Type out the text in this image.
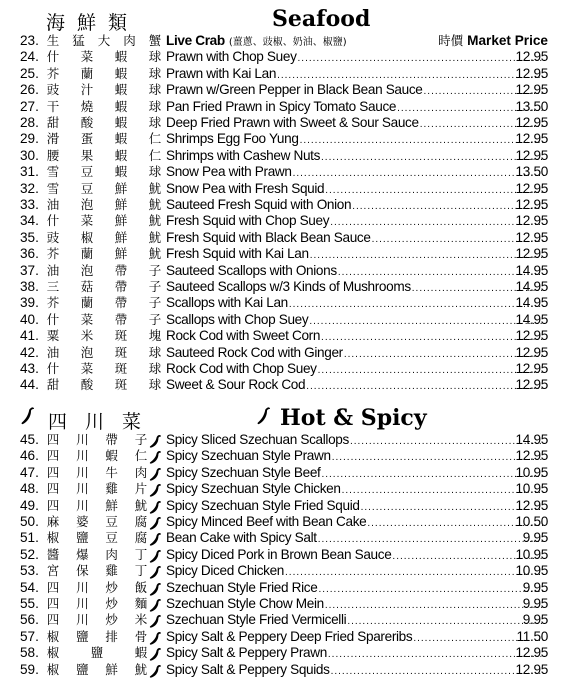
海鮮類	Seafood
23. 生 猛 大 肉 蟹 Live Crab (薑蔥、豉椒、奶油、椒鹽)	時價 Market Price
24. 什 菜 蝦 球 Prawn with Chop Suey .....	12.95
25. 芥 蘭 蝦 球 Prawn with Kai Lan .....	12.95
26. 豉 汁 蝦 球 Prawn w/Green Pepper in Black Bean Sauce .....	12.95
27. 干 燒 蝦 球 Pan Fried Prawn in Spicy Tomato Sauce .....	13.50
28. 甜 酸 蝦 球 Deep Fried Prawn with Sweet & Sour Sauce .....	12.95
29. 滑 蛋 蝦 仁 Shrimps Egg Foo Yung .....	12.95
30. 腰 果 蝦 仁 Shrimps with Cashew Nuts .....	12.95
31. 雪 豆 蝦 球 Snow Pea with Prawn .....	13.50
32. 雪 豆 鮮 魷 Snow Pea with Fresh Squid .....	12.95
33. 油 泡 鮮 魷 Sauteed Fresh Squid with Onion .....	12.95
34. 什 菜 鮮 魷 Fresh Squid with Chop Suey .....	12.95
35. 豉 椒 鮮 魷 Fresh Squid with Black Bean Sauce .....	12.95
36. 芥 蘭 鮮 魷 Fresh Squid with Kai Lan .....	12.95
37. 油 泡 帶 子 Sauteed Scallops with Onions .....	14.95
38. 三 菇 帶 子 Sauteed Scallops w/3 Kinds of Mushrooms .....	14.95
39. 芥 蘭 帶 子 Scallops with Kai Lan .....	14.95
40. 什 菜 帶 子 Scallops with Chop Suey .....	14.95
41. 粟 米 斑 塊 Rock Cod with Sweet Corn .....	12.95
42. 油 泡 斑 球 Sauteed Rock Cod with Ginger .....	12.95
43. 什 菜 斑 球 Rock Cod with Chop Suey .....	12.95
44. 甜 酸 斑 球 Sweet & Sour Rock Cod .....	12.95
四川菜	Hot & Spicy
45. 四 川 帶 子 Spicy Sliced Szechuan Scallops .....	14.95
46. 四 川 蝦 仁 Spicy Szechuan Style Prawn .....	12.95
47. 四 川 牛 肉 Spicy Szechuan Style Beef .....	10.95
48. 四 川 雞 片 Spicy Szechuan Style Chicken .....	10.95
49. 四 川 鮮 魷 Spicy Szechuan Style Fried Squid .....	12.95
50. 麻 婆 豆 腐 Spicy Minced Beef with Bean Cake .....	10.50
51. 椒 鹽 豆 腐 Bean Cake with Spicy Salt .....	9.95
52. 醬 爆 肉 丁 Spicy Diced Pork in Brown Bean Sauce .....	10.95
53. 宮 保 雞 丁 Spicy Diced Chicken .....	10.95
54. 四 川 炒 飯 Szechuan Style Fried Rice .....	9.95
55. 四 川 炒 麵 Szechuan Style Chow Mein .....	9.95
56. 四 川 炒 米 Szechuan Style Fried Vermicelli .....	9.95
57. 椒 鹽 排 骨 Spicy Salt & Peppery Deep Fried Spareribs .....	11.50
58. 椒	鹽	蝦 Spicy Salt & Peppery Prawn .....	12.95
59. 椒 鹽 鮮 魷 Spicy Salt & Peppery Squids .....	12.95
